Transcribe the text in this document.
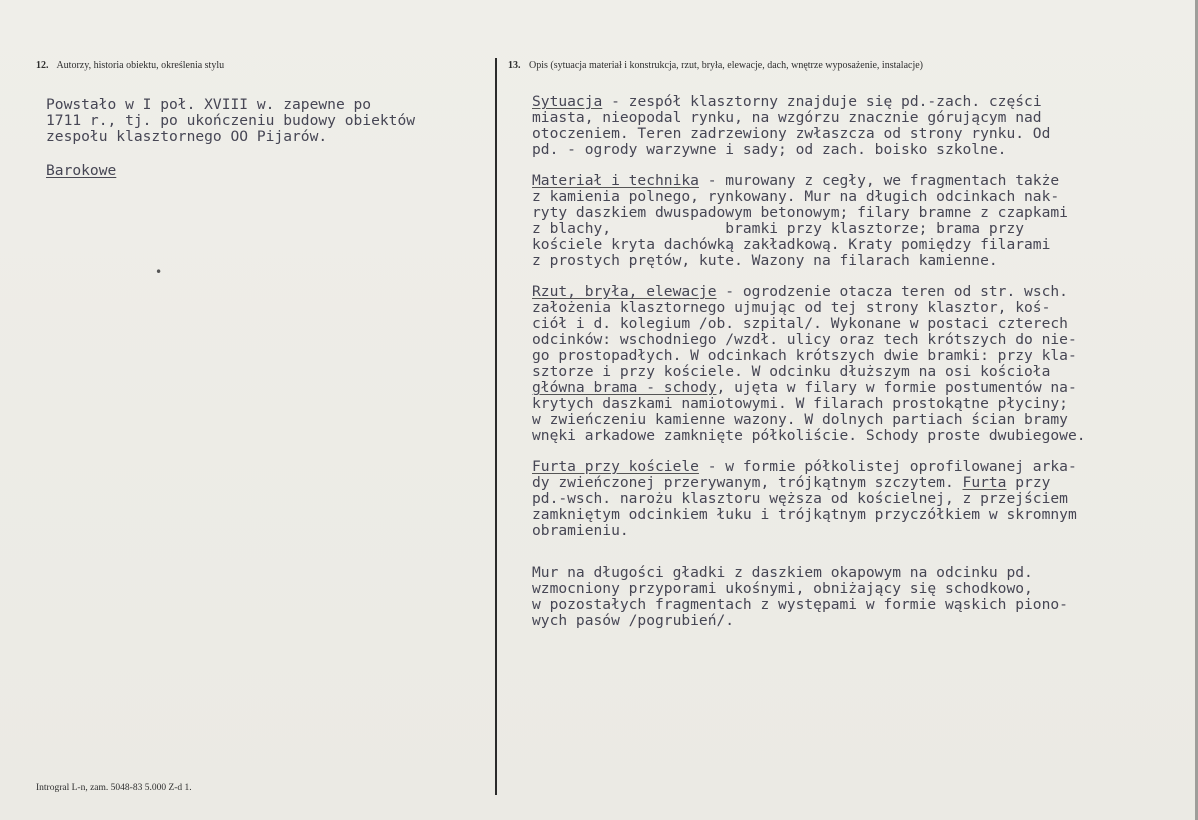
12. Autorzy, historia obiektu, określenia stylu	13. Opis (sytuacja materiał i konstrukcja, rzut, bryła, elewacje, dach, wnętrze wyposażenie, instalacje)

Powstało w I poł. XVIII w. zapewne po

1711 r., tj. po ukończeniu budowy obiektów

zespołu klasztornego OO Pijarów.

Barokowe
•
Sytuacja - zespół klasztorny znajduje się pd.-zach. części
miasta, nieopodal rynku, na wzgórzu znacznie górującym nad
otoczeniem. Teren zadrzewiony zwłaszcza od strony rynku. Od
pd. - ogrody warzywne i sady; od zach. boisko szkolne.
Materiał i technika - murowany z cegły, we fragmentach także
z kamienia polnego, rynkowany. Mur na długich odcinkach nak-
ryty daszkiem dwuspadowym betonowym; filary bramne z czapkami
z blachy,             bramki przy klasztorze; brama przy
kościele kryta dachówką zakładkową. Kraty pomiędzy filarami
z prostych prętów, kute. Wazony na filarach kamienne.
Rzut, bryła, elewacje - ogrodzenie otacza teren od str. wsch.
założenia klasztornego ujmując od tej strony klasztor, koś-
ciół i d. kolegium /ob. szpital/. Wykonane w postaci czterech
odcinków: wschodniego /wzdł. ulicy oraz tech krótszych do nie-
go prostopadłych. W odcinkach krótszych dwie bramki: przy kla-
sztorze i przy kościele. W odcinku dłuższym na osi kościoła
główna brama - schody, ujęta w filary w formie postumentów na-
krytych daszkami namiotowymi. W filarach prostokątne płyciny;
w zwieńczeniu kamienne wazony. W dolnych partiach ścian bramy
wnęki arkadowe zamknięte półkoliście. Schody proste dwubiegowe.
Furta przy kościele - w formie półkolistej oprofilowanej arka-
dy zwieńczonej przerywanym, trójkątnym szczytem. Furta przy
pd.-wsch. narożu klasztoru węższa od kościelnej, z przejściem
zamkniętym odcinkiem łuku i trójkątnym przyczółkiem w skromnym
obramieniu.
Mur na długości gładki z daszkiem okapowym na odcinku pd.
wzmocniony przyporami ukośnymi, obniżający się schodkowo,
w pozostałych fragmentach z występami w formie wąskich piono-
wych pasów /pogrubień/.
Introgral L-n, zam. 5048-83 5.000 Z-d 1.
